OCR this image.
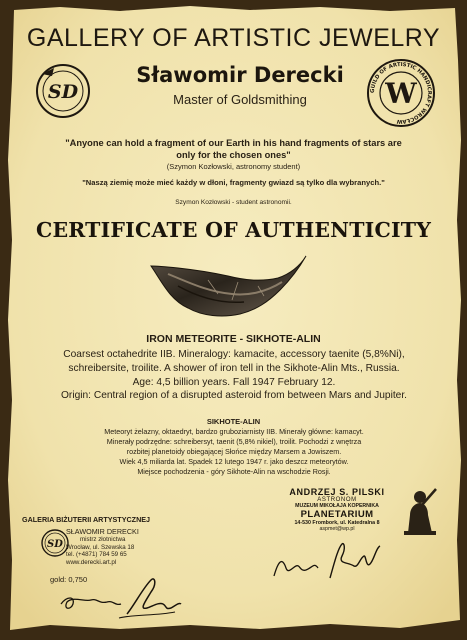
GALLERY OF ARTISTIC JEWELRY
SD
Sławomir Derecki
Master of Goldsmithing
GUILD OF ARTISTIC HANDICRAFT WROCŁAW
W
"Anyone can hold a fragment of our Earth in his hand fragments of stars are only for the chosen ones"
(Szymon Kozłowski, astronomy student)
"Naszą ziemię może mieć każdy w dłoni, fragmenty gwiazd są tylko dla wybranych."
Szymon Kozłowski - student astronomii.
CERTIFICATE OF AUTHENTICITY
IRON METEORITE - SIKHOTE-ALIN
Coarsest octahedrite IIB. Mineralogy: kamacite, accessory taenite (5,8%Ni),
schreibersite, troilite. A shower of iron tell in the Sikhote-Alin Mts., Russia.
Age: 4,5 billion years. Fall 1947 February 12.
Origin: Central region of a disrupted asteroid from between Mars and Jupiter.
SIKHOTE-ALIN
Meteoryt żelazny, oktaedryt, bardzo gruboziarnisty IIB. Minerały główne: kamacyt.
Minerały podrzędne: schreibersyt, taenit (5,8% nikiel), troilit. Pochodzi z wnętrza
rozbitej planetoidy obiegającej Słońce między Marsem a Jowiszem.
Wiek 4,5 miliarda lat. Spadek 12 lutego 1947 r. jako deszcz meteorytów.
Miejsce pochodzenia - góry Sikhote-Alin na wschodzie Rosji.
GALERIA BIŻUTERII ARTYSTYCZNEJ
SD
SŁAWOMIR DERECKI
mistrz złotnictwa
Wrocław, ul. Szewska 18
tel. (+4871) 784 59 65
www.derecki.art.pl
gold: 0,750
ANDRZEJ S. PILSKI
ASTRONOM
MUZEUM MIKOŁAJA KOPERNIKA
PLANETARIUM
14-530 Frombork, ul. Katedralna 8
aspmet@wp.pl
